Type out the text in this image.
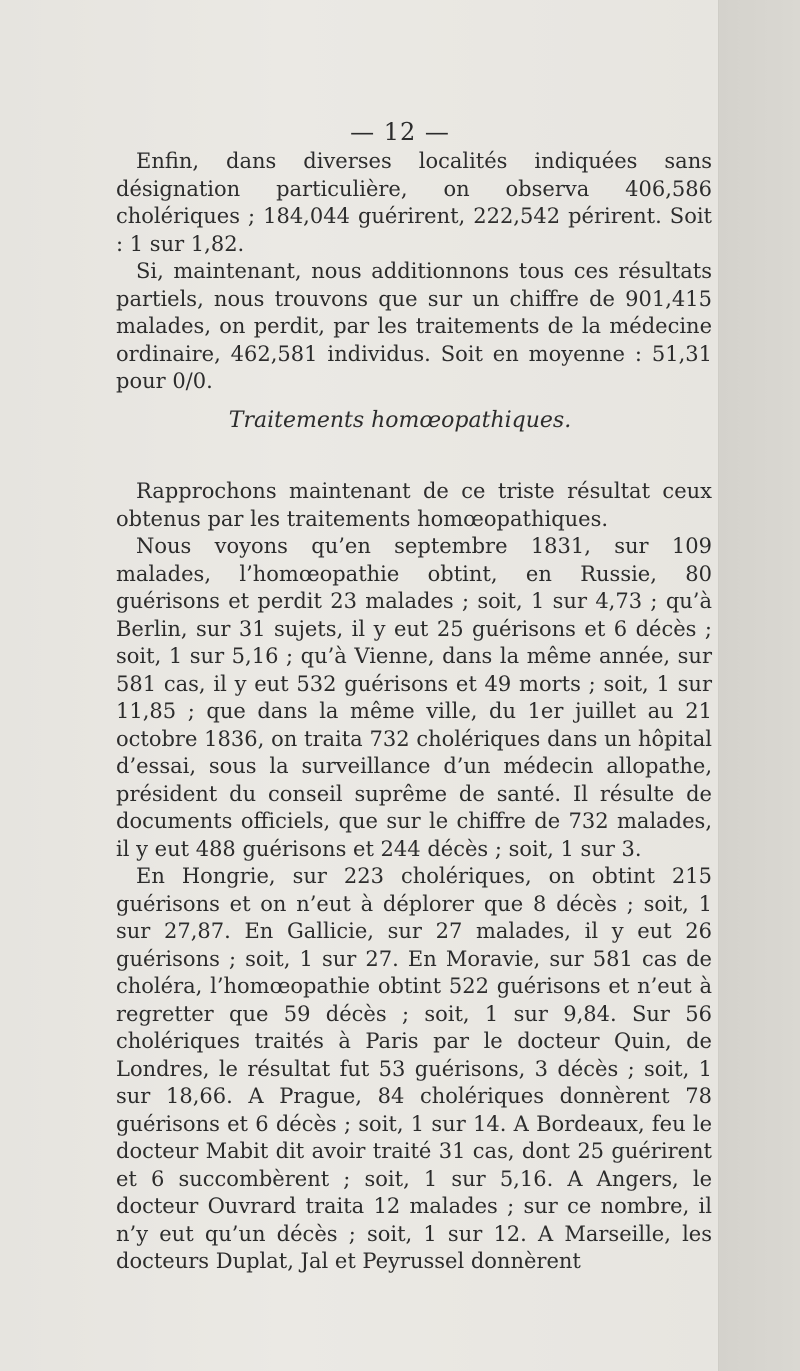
— 12 —

Enfin, dans diverses localités indiquées sans désignation particulière, on observa 406,586 cholériques ; 184,044 guérirent, 222,542 périrent. Soit : 1 sur 1,82.

Si, maintenant, nous additionnons tous ces résultats partiels, nous trouvons que sur un chiffre de 901,415 malades, on perdit, par les traitements de la médecine ordinaire, 462,581 individus. Soit en moyenne : 51,31 pour 0/0.

Traitements homœopathiques.

Rapprochons maintenant de ce triste résultat ceux obtenus par les traitements homœopathiques.

Nous voyons qu’en septembre 1831, sur 109 malades, l’homœopathie obtint, en Russie, 80 guérisons et perdit 23 malades ; soit, 1 sur 4,73 ; qu’à Berlin, sur 31 sujets, il y eut 25 guérisons et 6 décès ; soit, 1 sur 5,16 ; qu’à Vienne, dans la même année, sur 581 cas, il y eut 532 guérisons et 49 morts ; soit, 1 sur 11,85 ; que dans la même ville, du 1er juillet au 21 octobre 1836, on traita 732 cholériques dans un hôpital d’essai, sous la surveillance d’un médecin allopathe, président du conseil suprême de santé. Il résulte de documents officiels, que sur le chiffre de 732 malades, il y eut 488 guérisons et 244 décès ; soit, 1 sur 3.

En Hongrie, sur 223 cholériques, on obtint 215 guérisons et on n’eut à déplorer que 8 décès ; soit, 1 sur 27,87. En Gallicie, sur 27 malades, il y eut 26 guérisons ; soit, 1 sur 27. En Moravie, sur 581 cas de choléra, l’homœopathie obtint 522 guérisons et n’eut à regretter que 59 décès ; soit, 1 sur 9,84. Sur 56 cholériques traités à Paris par le docteur Quin, de Londres, le résultat fut 53 guérisons, 3 décès ; soit, 1 sur 18,66. A Prague, 84 cholériques donnèrent 78 guérisons et 6 décès ; soit, 1 sur 14. A Bordeaux, feu le docteur Mabit dit avoir traité 31 cas, dont 25 guérirent et 6 succombèrent ; soit, 1 sur 5,16. A Angers, le docteur Ouvrard traita 12 malades ; sur ce nombre, il n’y eut qu’un décès ; soit, 1 sur 12. A Marseille, les docteurs Duplat, Jal et Peyrussel donnèrent
